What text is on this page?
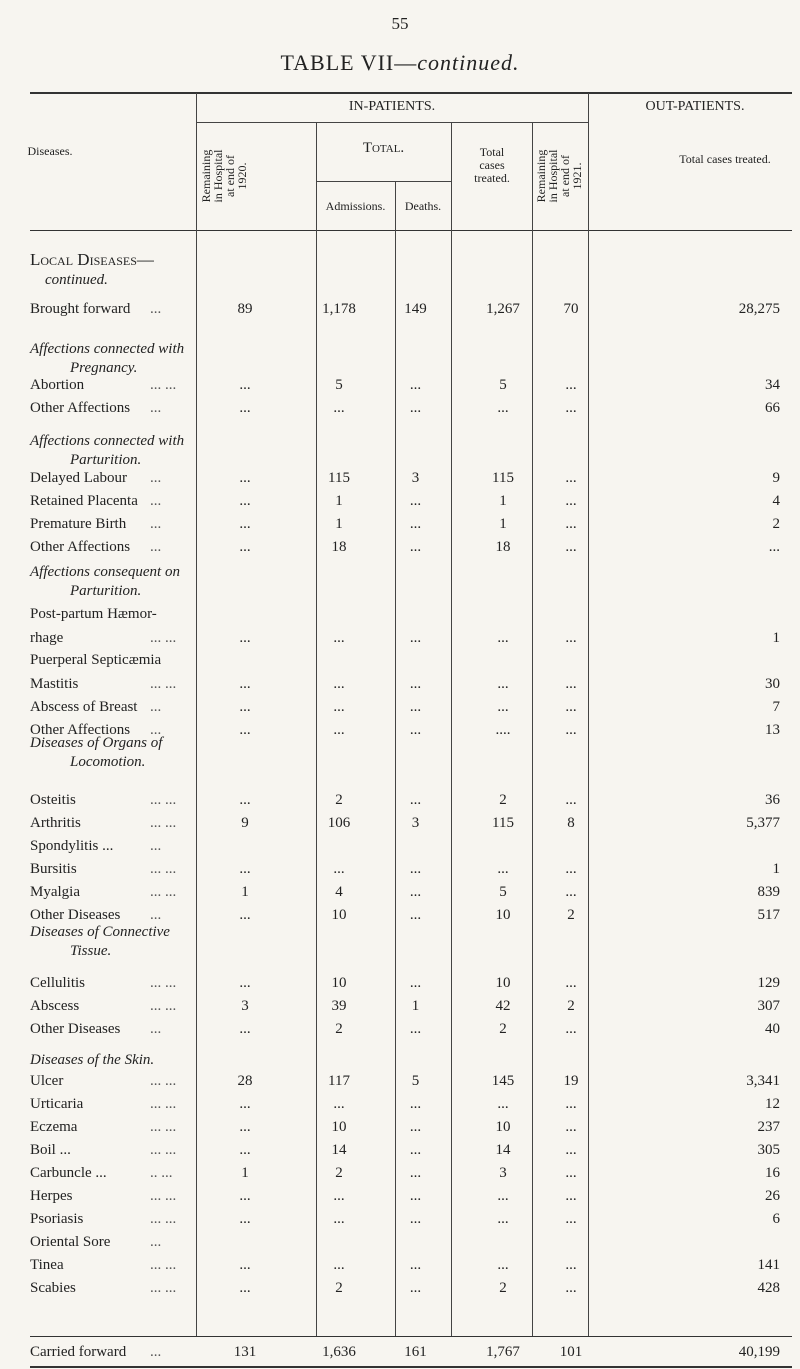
55
TABLE VII—continued.
IN-PATIENTS.	OUT-PATIENTS.
Diseases.	Remaining
in Hospital
at end of
1920.
Total.
Admissions.	Deaths.
Total cases treated.	Remaining
in Hospital
at end of
1921.
Total cases treated.
Local Diseases—
continued.
Affections connected with
Pregnancy.
Affections connected with
Parturition.
Affections consequent on
Parturition.
Diseases of Organs of
Locomotion.
Diseases of Connective
Tissue.
Diseases of the Skin.
Brought forward ...	89	1,178	149	1,267	70	28,275
Abortion	... ...	...	5	...	5	...	34
Other Affections ...	...	...	...	...	...	66
Delayed Labour ...	...	115	3	115	...	9
Retained Placenta ...	...	1	...	1	...	4
Premature Birth ...	...	1	...	1	...	2
Other Affections ...	...	18	...	18	...	...
Post-partum Hæmor-
rhage	... ...	...	...	...	...	...	1
Puerperal Septicæmia
Mastitis	... ...	...	...	...	...	...	30
Abscess of Breast ...	...	...	...	...	...	7
Other Affections ...	...	...	...	....	...	13
Osteitis	... ...	...	2	...	2	...	36
Arthritis	... ...	9	106	3	115	8	5,377
Spondylitis ... ...
Bursitis	... ...	...	...	...	...	...	1
Myalgia	... ...	1	4	...	5	...	839
Other Diseases ...	...	10	...	10	2	517
Cellulitis	... ...	...	10	...	10	...	129
Abscess	... ...	3	39	1	42	2	307
Other Diseases ...	...	2	...	2	...	40
Ulcer	... ...	28	117	5	145	19	3,341
Urticaria	... ...	...	...	...	...	...	12
Eczema	... ...	...	10	...	10	...	237
Boil ...	... ...	...	14	...	14	...	305
Carbuncle ...	.. ...	1	2	...	3	...	16
Herpes	... ...	...	...	...	...	...	26
Psoriasis	... ...	...	...	...	...	...	6
Oriental Sore	...
Tinea	... ...	...	...	...	...	...	141
Scabies	... ...	...	2	...	2	...	428
Carried forward ...	131	1,636	161	1,767	101	40,199
